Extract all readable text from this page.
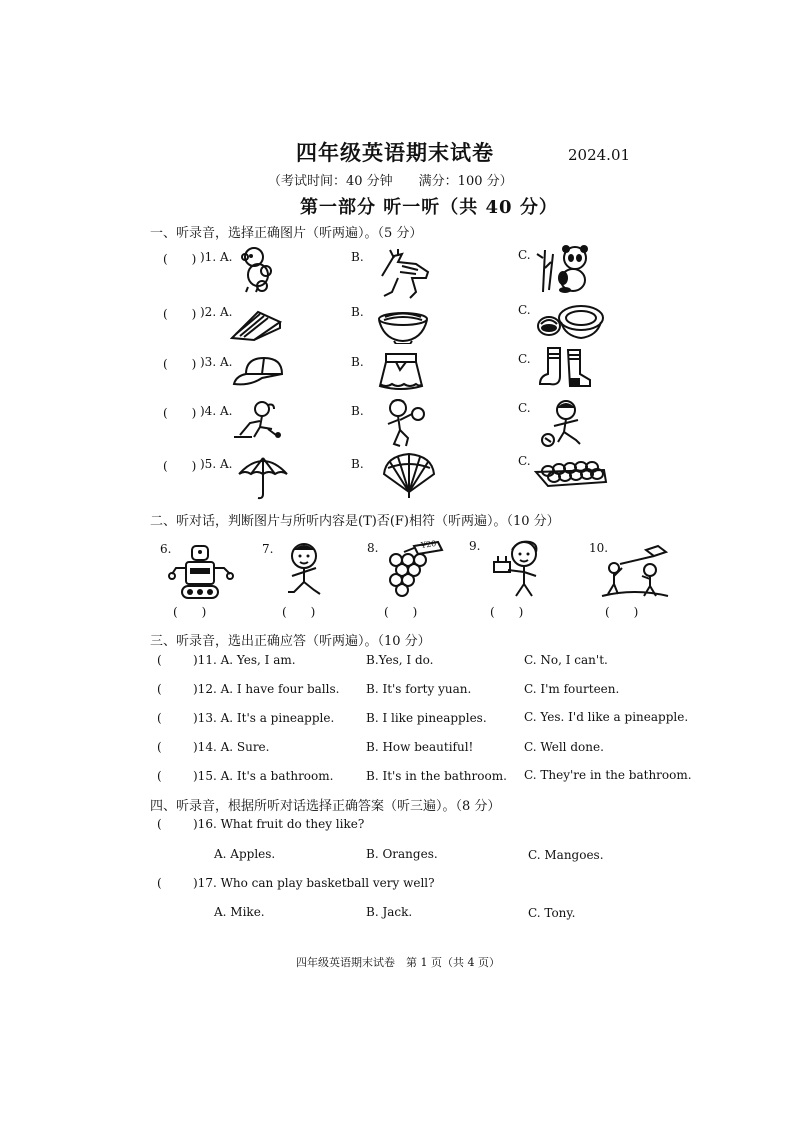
四年级英语期末试卷	2024.01
（考试时间：40 分钟　　满分：100 分）
第一部分 听一听（共 40 分）
一、听录音，选择正确图片（听两遍）。（5 分）
(　　) )1. A.	B.	C.
(　　) )2. A.	B.	C.
(　　) )3. A.	B.	C.
(　　) )4. A.	B.	C.
(　　) )5. A.	B.	C.
二、听对话，判断图片与所听内容是(T)否(F)相符（听两遍）。（10 分）
6.
(　　)
7.
(　　)
8.	¥20
(　　)
9.
(　　)
10.
(　　)
三、听录音，选出正确应答（听两遍）。（10 分）
(	)11. A. Yes, I am.	B.Yes, I do.	C. No, I can't.
(	)12. A. I have four balls. B. It's forty yuan.	C. I'm fourteen.
(	)13. A. It's a pineapple.	B. I like pineapples.	C. Yes. I'd like a pineapple.
(	)14. A. Sure.	B. How beautiful!	C. Well done.
(	)15. A. It's a bathroom.	B. It's in the bathroom. C. They're in the bathroom.
四、听录音，根据所听对话选择正确答案（听三遍）。（8 分）
(	)16. What fruit do they like?
A. Apples.	B. Oranges.	C. Mangoes.
(	)17. Who can play basketball very well?
A. Mike.	B. Jack.	C. Tony.
四年级英语期末试卷　第 1 页（共 4 页）
